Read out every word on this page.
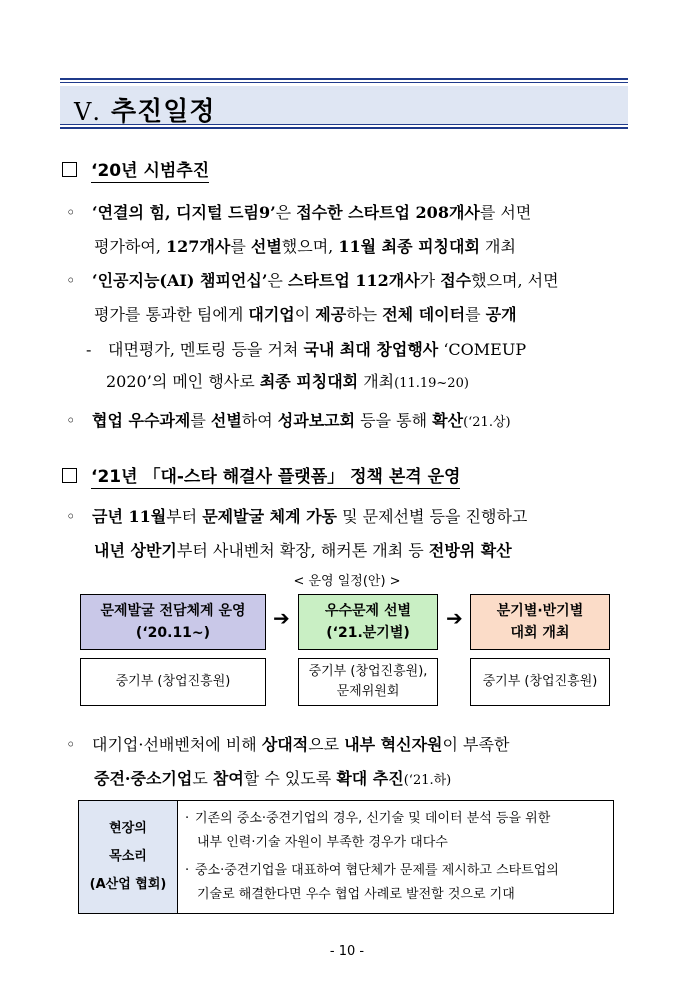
Ⅴ. 추진일정
‘20년 시범추진
◦ ‘연결의 힘, 디지털 드림9’은 접수한 스타트업 208개사를 서면
평가하여, 127개사를 선별했으며, 11월 최종 피칭대회 개최
◦ ‘인공지능(AI) 챔피언십’은 스타트업 112개사가 접수했으며, 서면
평가를 통과한 팀에게 대기업이 제공하는 전체 데이터를 공개
- 대면평가, 멘토링 등을 거쳐 국내 최대 창업행사 ‘COMEUP
2020’의 메인 행사로 최종 피칭대회 개최(11.19~20)
◦ 협업 우수과제를 선별하여 성과보고회 등을 통해 확산(‘21.상)
‘21년 「대-스타 해결사 플랫폼」 정책 본격 운영
◦ 금년 11월부터 문제발굴 체계 가동 및 문제선별 등을 진행하고
내년 상반기부터 사내벤처 확장, 해커톤 개최 등 전방위 확산
< 운영 일정(안) >
문제발굴 전담체계 운영
(‘20.11~)
➔	우수문제 선별
(‘21.분기별)
➔ 분기별·반기별
대회 개최
중기부 (창업진흥원)
중기부 (창업진흥원),
문제위원회
중기부 (창업진흥원)
◦ 대기업·선배벤처에 비해 상대적으로 내부 혁신자원이 부족한
중견·중소기업도 참여할 수 있도록 확대 추진(‘21.하)
현장의
목소리
(A산업 협회)
· 기존의 중소·중견기업의 경우, 신기술 및 데이터 분석 등을 위한
내부 인력·기술 자원이 부족한 경우가 대다수
· 중소·중견기업을 대표하여 협단체가 문제를 제시하고 스타트업의
기술로 해결한다면 우수 협업 사례로 발전할 것으로 기대
- 10 -
